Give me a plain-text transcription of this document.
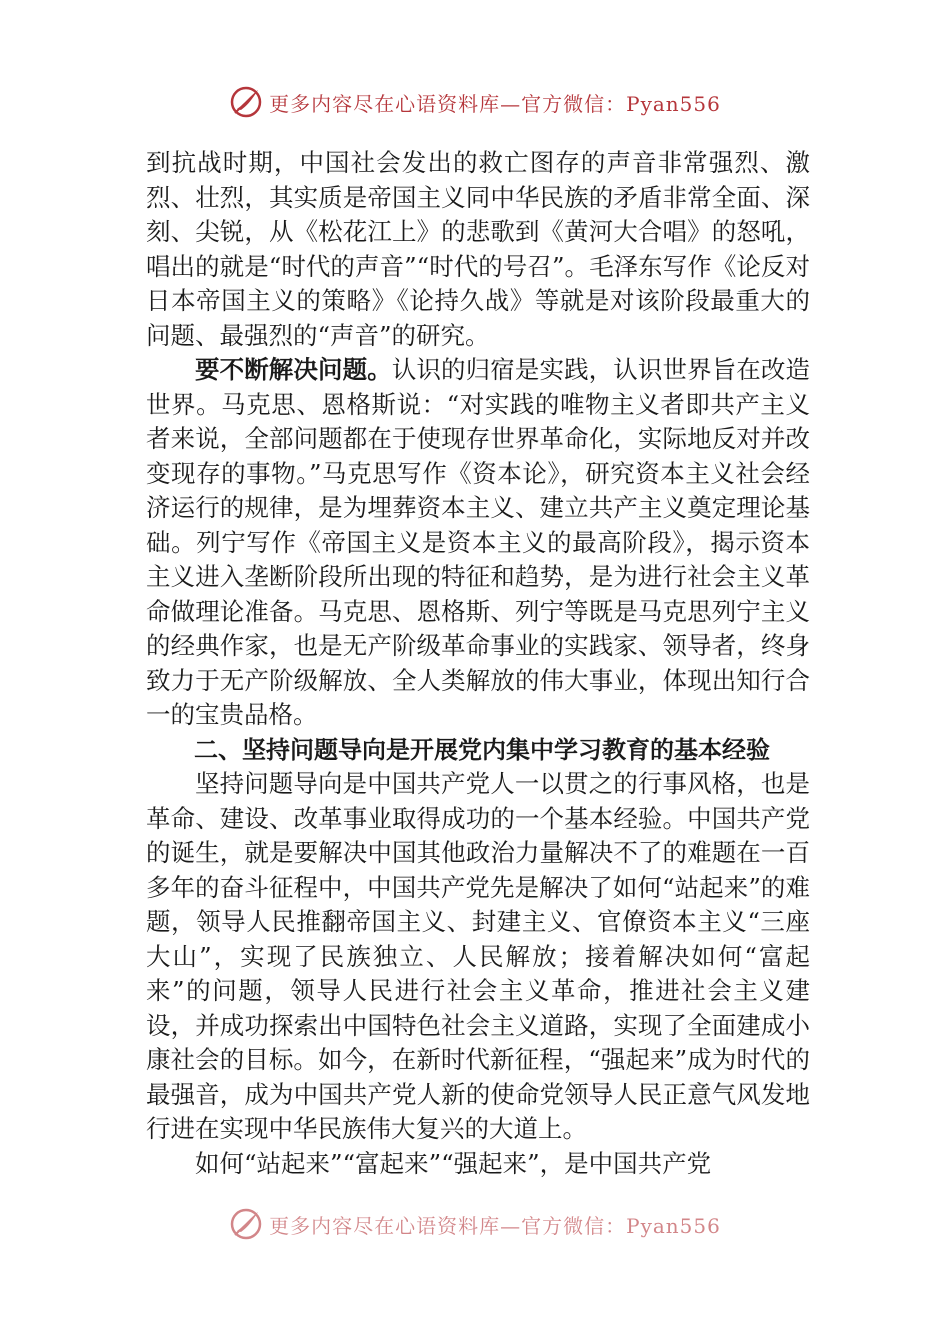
更多内容尽在心语资料库—官方微信：Pyan556

到抗战时期，中国社会发出的救亡图存的声音非常强烈、激烈、壮烈，其实质是帝国主义同中华民族的矛盾非常全面、深刻、尖锐，从《松花江上》的悲歌到《黄河大合唱》的怒吼，唱出的就是“时代的声音”“时代的号召”。毛泽东写作《论反对日本帝国主义的策略》《论持久战》等就是对该阶段最重大的问题、最强烈的“声音”的研究。

要不断解决问题。认识的归宿是实践，认识世界旨在改造世界。马克思、恩格斯说：“对实践的唯物主义者即共产主义者来说，全部问题都在于使现存世界革命化，实际地反对并改变现存的事物。”马克思写作《资本论》，研究资本主义社会经济运行的规律，是为埋葬资本主义、建立共产主义奠定理论基础。列宁写作《帝国主义是资本主义的最高阶段》，揭示资本主义进入垄断阶段所出现的特征和趋势，是为进行社会主义革命做理论准备。马克思、恩格斯、列宁等既是马克思列宁主义的经典作家，也是无产阶级革命事业的实践家、领导者，终身致力于无产阶级解放、全人类解放的伟大事业，体现出知行合一的宝贵品格。

二、坚持问题导向是开展党内集中学习教育的基本经验

坚持问题导向是中国共产党人一以贯之的行事风格，也是革命、建设、改革事业取得成功的一个基本经验。中国共产党的诞生，就是要解决中国其他政治力量解决不了的难题在一百多年的奋斗征程中，中国共产党先是解决了如何“站起来”的难题，领导人民推翻帝国主义、封建主义、官僚资本主义“三座大山”，实现了民族独立、人民解放；接着解决如何“富起来”的问题，领导人民进行社会主义革命，推进社会主义建设，并成功探索出中国特色社会主义道路，实现了全面建成小康社会的目标。如今，在新时代新征程，“强起来”成为时代的最强音，成为中国共产党人新的使命党领导人民正意气风发地行进在实现中华民族伟大复兴的大道上。

如何“站起来”“富起来”“强起来”，是中国共产党

更多内容尽在心语资料库—官方微信：Pyan556
